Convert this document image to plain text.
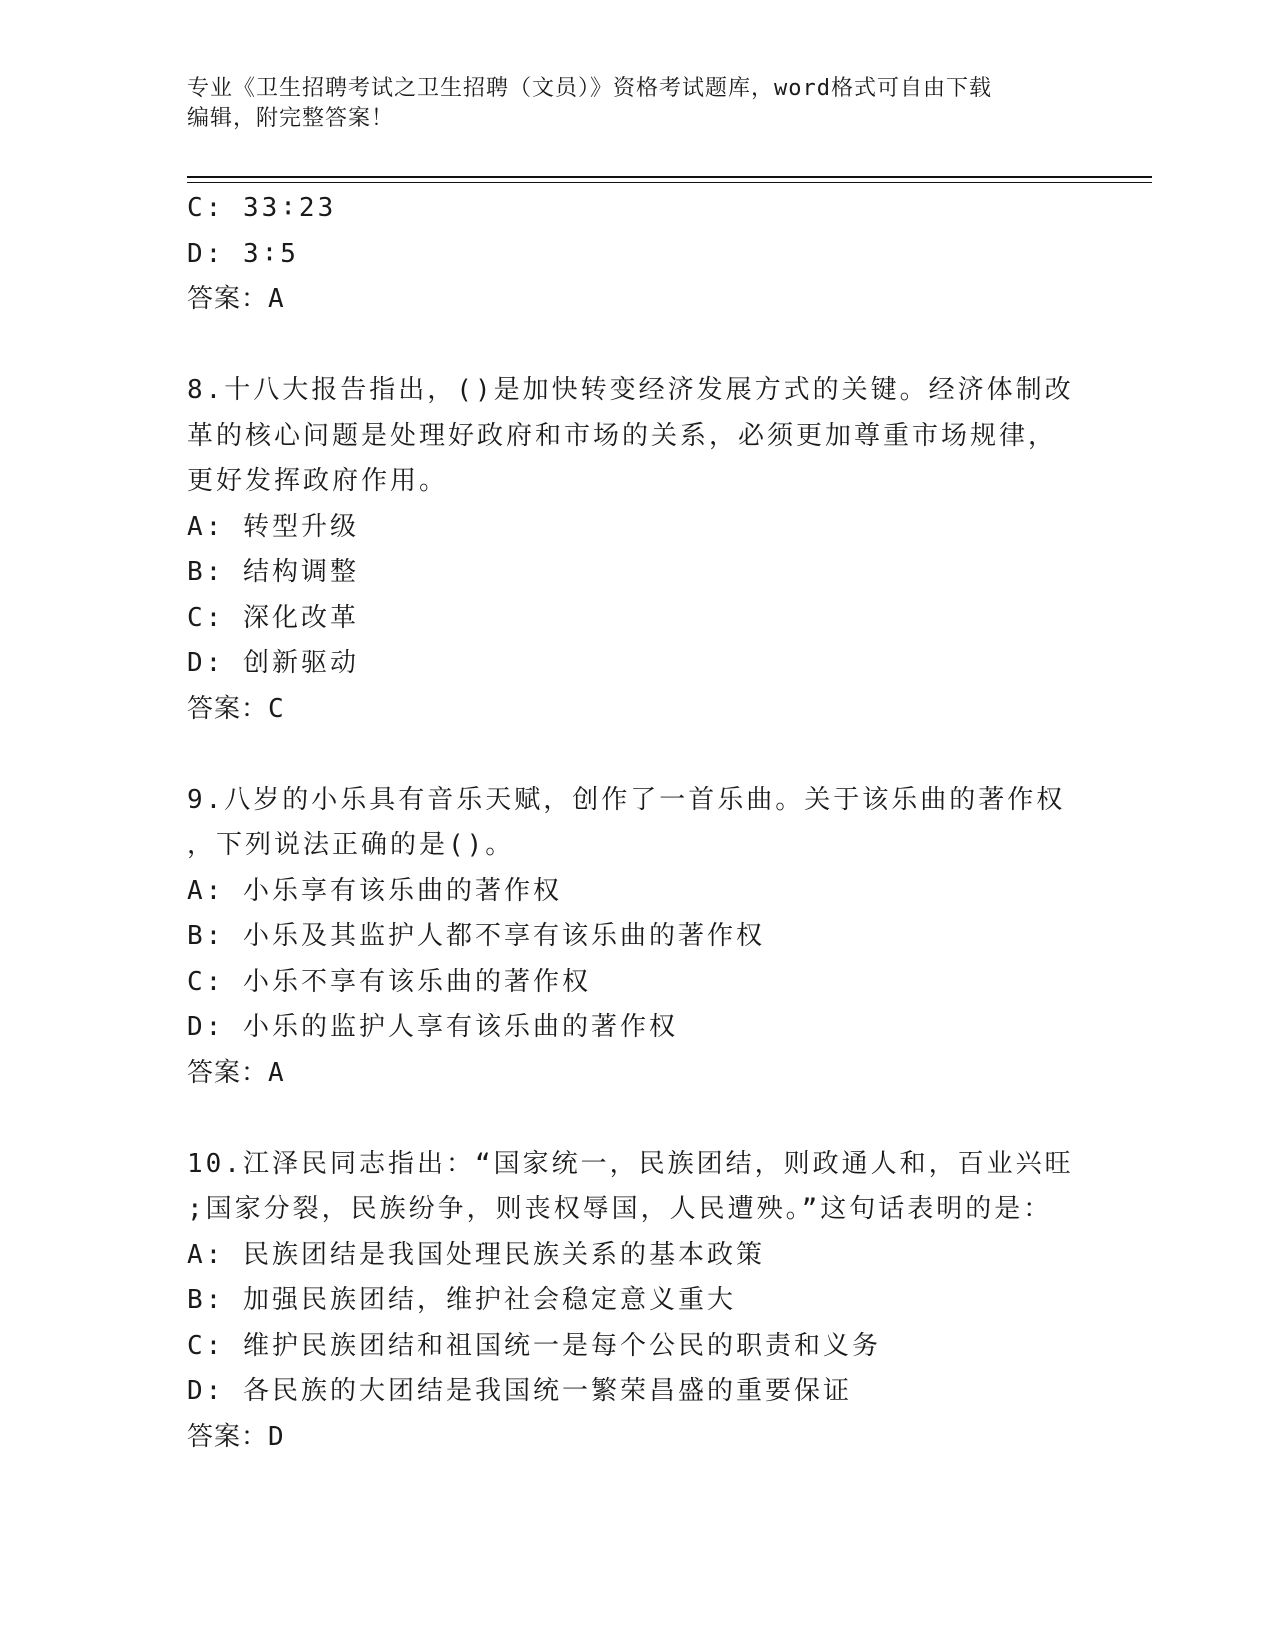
专业《卫生招聘考试之卫生招聘（文员）》资格考试题库，word格式可自由下载
编辑，附完整答案！
C: 33∶23
D: 3∶5
答案：A
8.十八大报告指出，()是加快转变经济发展方式的关键。经济体制改
革的核心问题是处理好政府和市场的关系，必须更加尊重市场规律，
更好发挥政府作用。
A: 转型升级
B: 结构调整
C: 深化改革
D: 创新驱动
答案：C
9.八岁的小乐具有音乐天赋，创作了一首乐曲。关于该乐曲的著作权
，下列说法正确的是()。
A: 小乐享有该乐曲的著作权
B: 小乐及其监护人都不享有该乐曲的著作权
C: 小乐不享有该乐曲的著作权
D: 小乐的监护人享有该乐曲的著作权
答案：A
10.江泽民同志指出：“国家统一，民族团结，则政通人和，百业兴旺
;国家分裂，民族纷争，则丧权辱国，人民遭殃。”这句话表明的是：
A: 民族团结是我国处理民族关系的基本政策
B: 加强民族团结，维护社会稳定意义重大
C: 维护民族团结和祖国统一是每个公民的职责和义务
D: 各民族的大团结是我国统一繁荣昌盛的重要保证
答案：D
